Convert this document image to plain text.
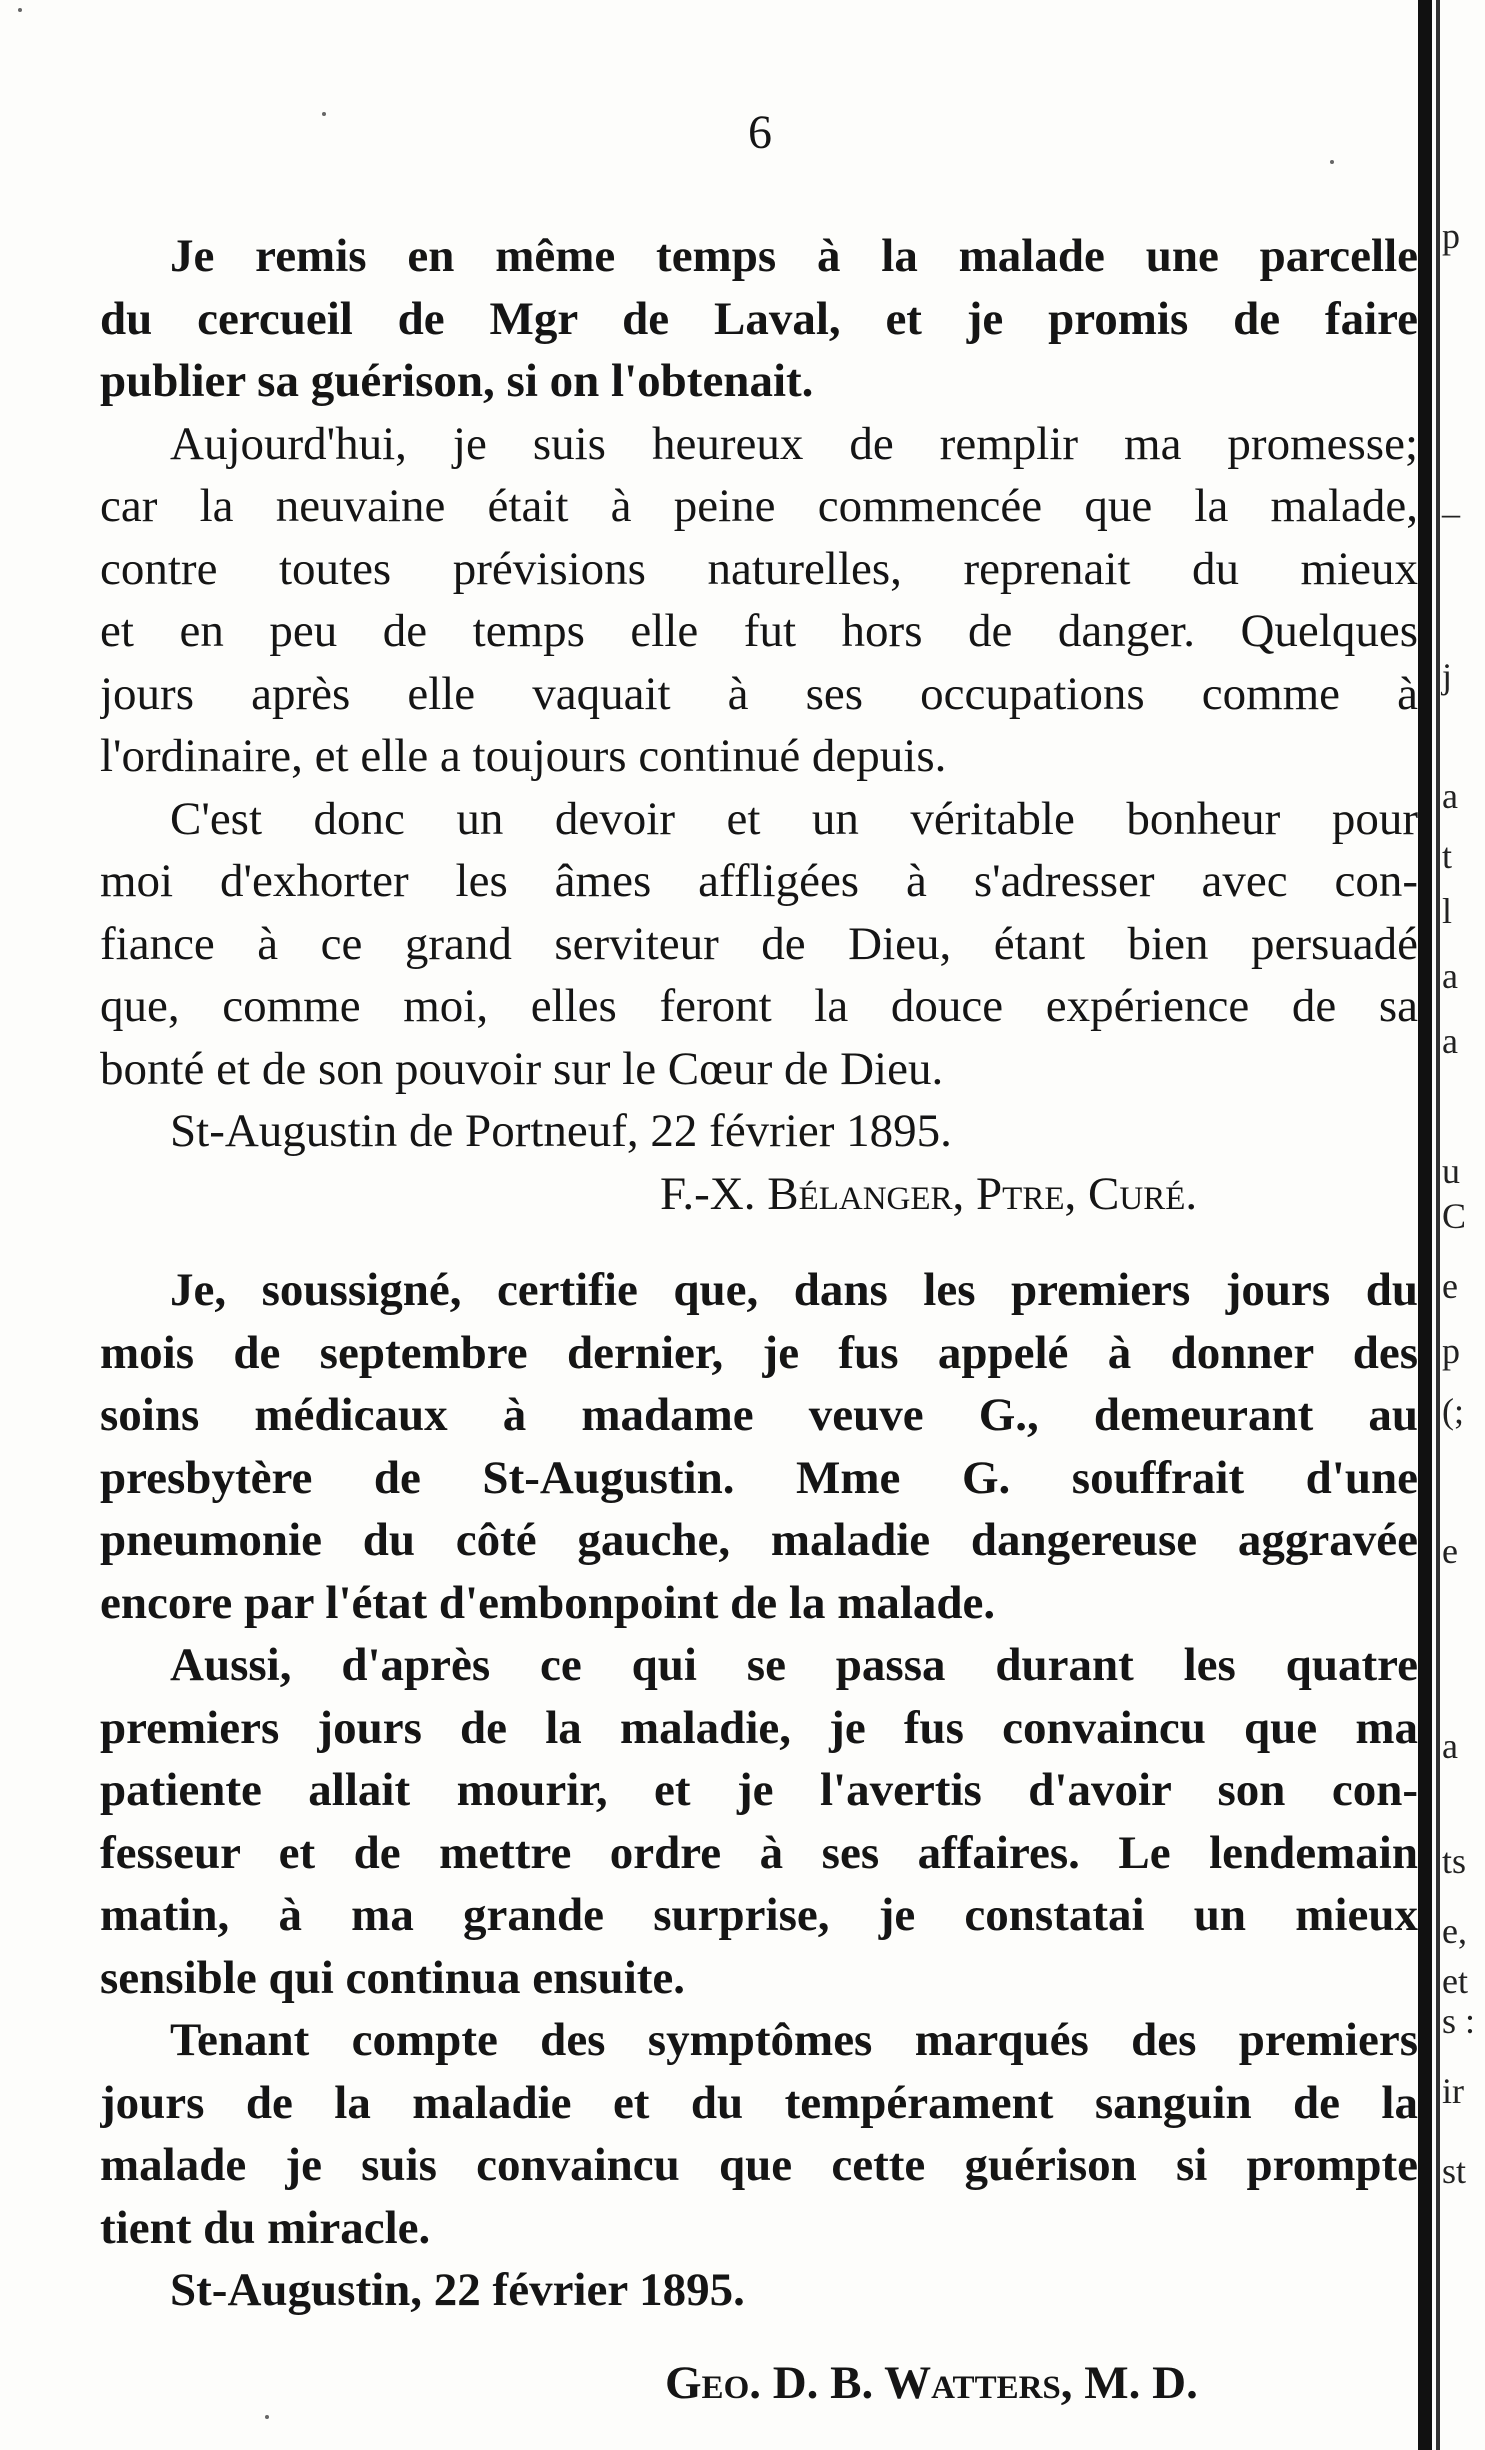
6
Je remis en même temps à la malade une parcelle
du cercueil de Mgr de Laval, et je promis de faire
publier sa guérison, si on l'obtenait.
Aujourd'hui, je suis heureux de remplir ma promesse;
car la neuvaine était à peine commencée que la malade,
contre toutes prévisions naturelles, reprenait du mieux
et en peu de temps elle fut hors de danger. Quelques
jours après elle vaquait à ses occupations comme à
l'ordinaire, et elle a toujours continué depuis.
C'est donc un devoir et un véritable bonheur pour
moi d'exhorter les âmes affligées à s'adresser avec con-
fiance à ce grand serviteur de Dieu, étant bien persuadé
que, comme moi, elles feront la douce expérience de sa
bonté et de son pouvoir sur le Cœur de Dieu.
St-Augustin de Portneuf, 22 février 1895.
F.-X. Bélanger, Ptre, Curé.
Je, soussigné, certifie que, dans les premiers jours du
mois de septembre dernier, je fus appelé à donner des
soins médicaux à madame veuve G., demeurant au
presbytère de St-Augustin. Mme G. souffrait d'une
pneumonie du côté gauche, maladie dangereuse aggravée
encore par l'état d'embonpoint de la malade.
Aussi, d'après ce qui se passa durant les quatre
premiers jours de la maladie, je fus convaincu que ma
patiente allait mourir, et je l'avertis d'avoir son con-
fesseur et de mettre ordre à ses affaires. Le lendemain
matin, à ma grande surprise, je constatai un mieux
sensible qui continua ensuite.
Tenant compte des symptômes marqués des premiers
jours de la maladie et du tempérament sanguin de la
malade je suis convaincu que cette guérison si prompte
tient du miracle.
St-Augustin, 22 février 1895.
Geo. D. B. Watters, M. D.
p
_
j
a
t
l
a
a
u
C
e
p
(;
e
a
ts
e,
et
s :
ir
st
